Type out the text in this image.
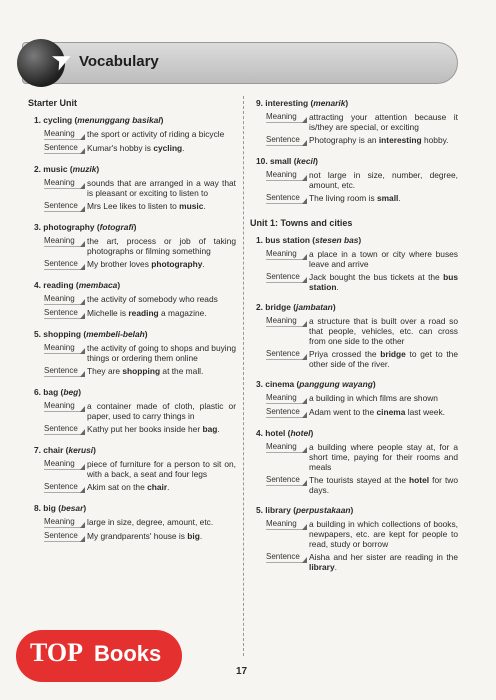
➤ Vocabulary
Starter Unit
1. cycling (menunggang basikal)
Meaning	the sport or activity of riding a bicycle
Sentence	Kumar's hobby is cycling.
2. music (muzik)
Meaning	sounds that are arranged in a way that is pleasant or exciting to listen to
Sentence	Mrs Lee likes to listen to music.
3. photography (fotografi)
Meaning	the art, process or job of taking photographs or filming something
Sentence	My brother loves photography.
4. reading (membaca)
Meaning	the activity of somebody who reads
Sentence	Michelle is reading a magazine.
5. shopping (membeli-belah)
Meaning	the activity of going to shops and buying things or ordering them online
Sentence	They are shopping at the mall.
6. bag (beg)
Meaning	a container made of cloth, plastic or paper, used to carry things in
Sentence	Kathy put her books inside her bag.
7. chair (kerusi)
Meaning	piece of furniture for a person to sit on, with a back, a seat and four legs
Sentence	Akim sat on the chair.
8. big (besar)
Meaning	large in size, degree, amount, etc.
Sentence	My grandparents' house is big.
9. interesting (menarik)
Meaning	attracting your attention because it is/they are special, or exciting
Sentence	Photography is an interesting hobby.
10. small (kecil)
Meaning	not large in size, number, degree, amount, etc.
Sentence	The living room is small.
Unit 1: Towns and cities
1. bus station (stesen bas)
Meaning	a place in a town or city where buses leave and arrive
Sentence	Jack bought the bus tickets at the bus station.
2. bridge (jambatan)
Meaning	a structure that is built over a road so that people, vehicles, etc. can cross from one side to the other
Sentence	Priya crossed the bridge to get to the other side of the river.
3. cinema (panggung wayang)
Meaning	a building in which films are shown
Sentence	Adam went to the cinema last week.
4. hotel (hotel)
Meaning	a building where people stay at, for a short time, paying for their rooms and meals
Sentence	The tourists stayed at the hotel for two days.
5. library (perpustakaan)
Meaning	a building in which collections of books, newpapers, etc. are kept for people to read, study or borrow
Sentence	Aisha and her sister are reading in the library.
17
TOP Books
